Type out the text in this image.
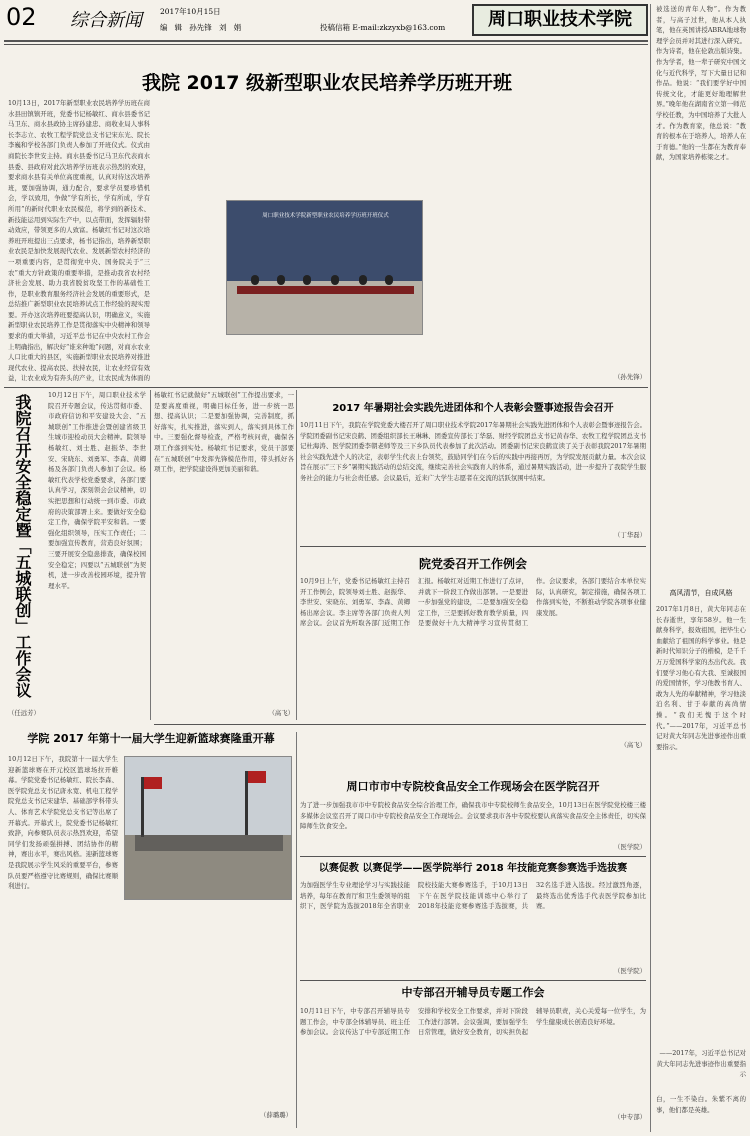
02	综合新闻	2017年10月15日
编   辑   孙先锋   刘   娟	投稿信箱 E-mail:zkzyxb@163.com	周口职业技术学院	被选送的青年人物”。作为教者，与高子过世，他从本人执笔，他在英国讲授ABRA地球物理学会员并对其进行深入研究。作为诗者，他在伦敦出版诗集。作为学者，他一辈子研究中国文化与近代科学，写下大量日记和作品。他说：“我们要学好中国传统文化，才能更好地理解世界。”晚年他在湖南省立第一师范学校任教，为中国培养了大批人才。作为教育家，他总说：“教育的根本在于培养人，培养人在于育德。”他的一生都在为教育奉献，为国家培养栋梁之才。
高风清节，自成风格
2017年1月8日，黄大年同志在长春逝世，享年58岁。他一生献身科学，报效祖国，把毕生心血献给了祖国的科学事业。他是新时代知识分子的楷模，是千千万万爱国科学家的杰出代表。我们要学习他心有大我、至诚报国的爱国情怀，学习他教书育人、敢为人先的奉献精神，学习他淡泊名利、甘于奉献的高尚情操。“我们无愧于这个时代。”——2017年，习近平总书记对黄大年同志先进事迹作出重要指示。
——2017年，习近平总书记对黄大年同志先进事迹作出重要指示
白，一生不染白。朱紫不离的事，他们都是英雄。
我院 2017 级新型职业农民培养学历班开班
10月13日，2017年新型职业农民培养学历班在商水县田镇镇开班，党委书记杨敏红、商水县委书记马卫东、商水县政协主席孙建忠、商收业局人事科长李志立、农牧工程学院党总支书记宋东光、院长李巍和学校各部门负责人参加了开班仪式。仪式由商院长李世安主持。商水县委书记马卫东代表商水县委、县政府对此次培养学历班表示热烈的欢迎，要求商水县有关单位高度重视，认真对待这次培养班，要加强协调，通力配合，要求学员要珍惜机会，学以致用，争做“学有所长，学有所成，学有所用”的新时代职业农民模范，将学到的新技术、新技能运用到实际生产中，以点带面，发挥辐射带动效应，带领更多的人致富。杨敏红书记对这次培养班开班提出三点要求，杨书记指出，培养新型职业农民是加快发展现代农业、发展新型农村经济的一项重要内容，是贯彻党中央、国务院关于“三农”重大方针政策的重要举措，是推动我省农村经济社会发展、助力我省脱贫攻坚工作的基础性工作，是职业教育服务经济社会发展的重要形式，是总结推广新型职业农民培养试点工作经验的现实需要。开办这次培养班要提高认识，明确意义，实施新型职业农民培养工作是贯彻落实中央精神和领导要求的重大举措，习近平总书记在中央农村工作会上明确指出，解决好“谁来种地”问题，对商水农业人口比重大的县区，实施新型职业农民培养对推进现代农业、提高农民、扶持农民，让农业经营有效益，让农业成为有奔头的产业，让农民成为体面的
周口职业技术学院新型职业农民培养学历班开班仪式
（孙先锋）
我院召开安全稳定暨「五城联创」工作会议	10月12日下午，周口职业技术学院召开专题会议，传达贯彻市委、市政府信访和平安建设大会、“五城联创”工作推进会暨创建省级卫生城市迎检动员大会精神。院领导杨敏红、刘士胜、赵振华、李世安、宋晓东、刘勇军、李森、黄卿杨及各部门负责人参加了会议。杨敏红代表学校党委要求，各部门要认真学习，深刻领会会议精神，切实把思想和行动统一到市委、市政府的决策部署上来。要做好安全稳定工作，确保学院平安和谐。一要强化组织领导，压实工作责任；二要加强宣传教育，营造良好氛围；三要开展安全隐患排查，确保校园安全稳定；四要以“五城联创”为契机，进一步改善校园环境，提升管理水平。
（任远芳）
杨敏红书记就做好“五城联创”工作提出要求，一是要高度重视，明确目标任务，进一步统一思想、提高认识；二是要加强协调，完善制度，抓好落实，扎实推进，落实到人，落实到具体工作中。三要强化督导检查，严格考核问责，确保各项工作落到实处。杨敏红书记要求，党员干部要在“五城联创”中发挥先锋模范作用，带头抓好各项工作，把学院建设得更加美丽和谐。
（高飞）
2017 年暑期社会实践先进团体和个人表彰会暨事迹报告会召开
10月11日下午，我院在学院党委大楼召开了周口职业技术学院2017年暑期社会实践先进团体和个人表彰会暨事迹报告会。学院团委副书记宋良鹤、团委组织部长王琳琳、团委宣传部长丁华磊、财经学院团总支书记黄春华、农牧工程学院团总支书记杜海涛、医学院团委李朝老师等及三下乡队员代表参加了此次活动。团委副书记宋良鹤宣读了关于表彰我院2017年暑期社会实践先进个人的决定，表彰学生代表上台领奖，鼓励同学们在今后的实践中再接再厉，为学院发展贡献力量。本次会议旨在展示“三下乡”暑期实践活动的总结交流，继续完善社会实践育人的体系，通过暑期实践活动，进一步提升了我院学生服务社会的能力与社会责任感。会议最后，近来广大学生志愿者在交流的活跃氛围中结束。
（丁华磊）
院党委召开工作例会
10月9日上午，党委书记杨敏红主持召开工作例会，院领导刘士胜、赵振华、李世安、宋晓东、刘勇军、李森、黄卿杨出席会议。李主席等各部门负责人列席会议。会议首先听取各部门近期工作汇报。杨敏红对近期工作进行了点评，并就下一阶段工作做出部署。一是要进一步加强党的建设，二是要加强安全稳定工作，三是要抓好教育教学质量，四是要做好十九大精神学习宣传贯彻工作。会议要求，各部门要结合本单位实际，认真研究，制定措施，确保各项工作落到实处，不断推动学院各项事业健康发展。
（高飞）
学院 2017 年第十一届大学生迎新篮球赛隆重开幕
10月12日下午，我院第十一届大学生迎新篮球赛在开元校区篮球场拉开帷幕。学院党委书记杨敏红、院长李森、医学院党总支书记唐永宽、机电工程学院党总支书记宋建华、基础部学科带头人、体育艺术学院党总支书记等出席了开幕式。开幕式上，院党委书记杨敏红致辞，向参赛队员表示热烈欢迎，希望同学们发扬顽强拼搏、团结协作的精神，赛出水平，赛出风格。迎新篮球赛是我院展示学生风采的重要平台，参赛队员要严格遵守比赛规则，确保比赛顺利进行。
（薛璐璐）
周口市市中专院校食品安全工作现场会在医学院召开
为了进一步加强我市市中专院校食品安全综合治理工作，确保我市中专院校师生食品安全，10月13日在医学院党校楼三楼多媒体会议室召开了周口市中专院校食品安全工作现场会。会议要求我市各中专院校要认真落实食品安全主体责任，切实保障师生饮食安全。
（医学院）
以赛促教 以赛促学——医学院举行 2018 年技能竞赛参赛选手选拔赛
为加强医学生专业理论学习与实践技能培养，每年在教育厅和卫生委领导的组织下，医学院为选拔2018年全省职业院校技能大赛参赛选手，于10月13日下午在医学院技能训练中心举行了2018年技能竞赛参赛选手选拔赛，共32名选手进入选拔。经过激烈角逐，最终选出优秀选手代表医学院参加比赛。
（医学院）
中专部召开辅导员专题工作会
10月11日下午，中专部召开辅导员专题工作会，中专部全体辅导员、班主任参加会议。会议传达了中专部近期工作安排和学校安全工作要求，并对下阶段工作进行部署。会议强调，要加强学生日常管理，做好安全教育，切实担负起辅导员职责，关心关爱每一位学生，为学生健康成长创造良好环境。
（中专部）
